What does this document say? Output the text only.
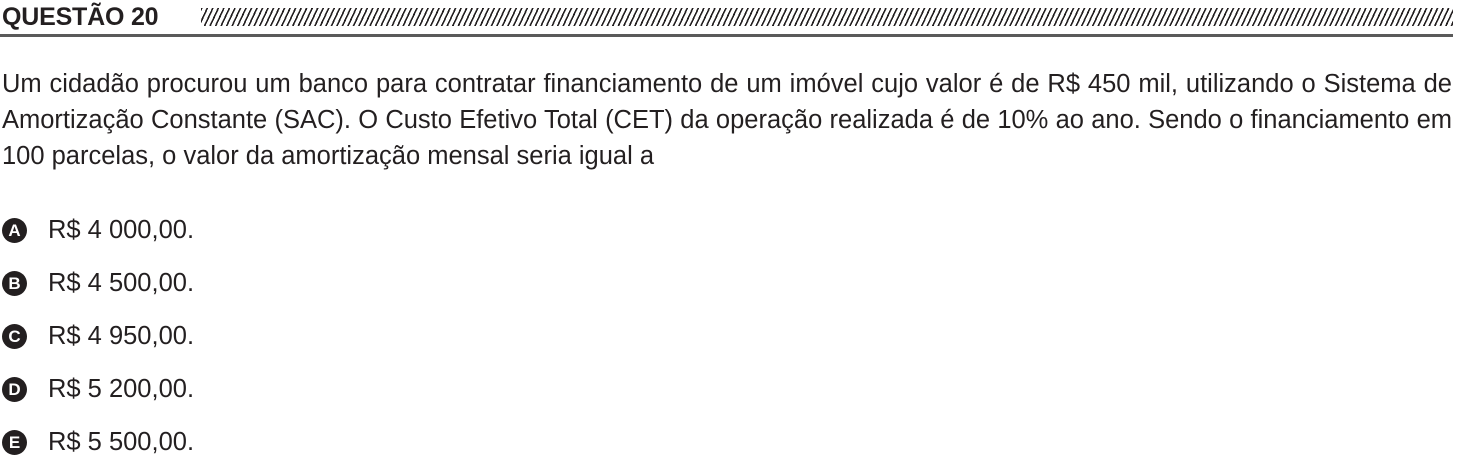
QUESTÃO 20

Um cidadão procurou um banco para contratar financiamento de um imóvel cujo valor é de R$ 450 mil, utilizando o Sistema de Amortização Constante (SAC). O Custo Efetivo Total (CET) da operação realizada é de 10% ao ano. Sendo o financiamento em 100 parcelas, o valor da amortização mensal seria igual a

A R$ 4 000,00.
B R$ 4 500,00.
C R$ 4 950,00.
D R$ 5 200,00.
E R$ 5 500,00.
